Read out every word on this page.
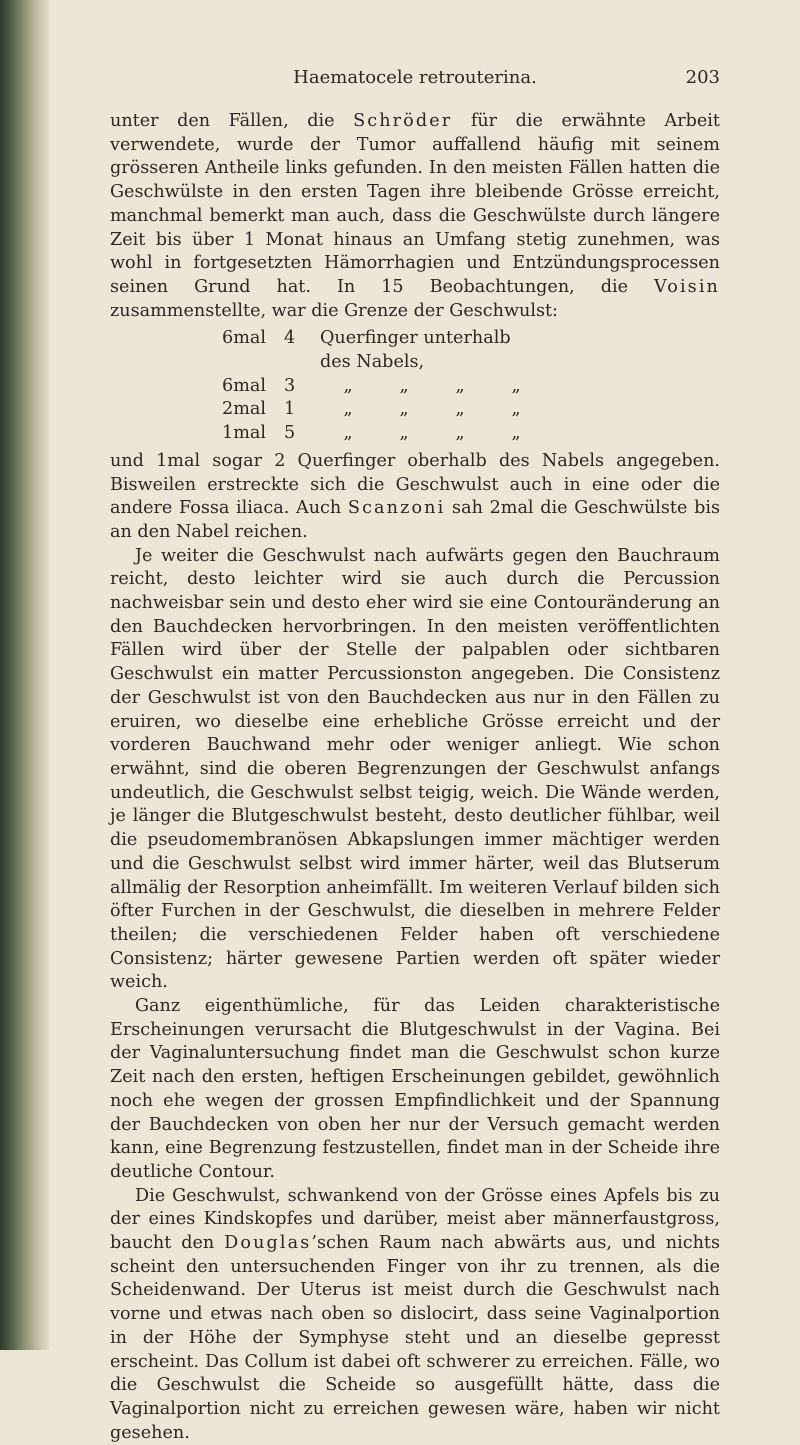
Haematocele retrouterina.	203

unter den Fällen, die Schröder für die erwähnte Arbeit verwendete, wurde der Tumor auffallend häufig mit seinem grösseren Antheile links gefunden. In den meisten Fällen hatten die Geschwülste in den ersten Tagen ihre bleibende Grösse erreicht, manchmal bemerkt man auch, dass die Geschwülste durch längere Zeit bis über 1 Monat hinaus an Umfang stetig zunehmen, was wohl in fortgesetzten Hämorrhagien und Entzündungsprocessen seinen Grund hat. In 15 Beobachtungen, die Voisin zusammenstellte, war die Grenze der Geschwulst:

6mal	4	Querfinger unterhalb des Nabels,			
6mal	3	„	„	„	„
2mal	1	„	„	„	„
1mal	5	„	„	„	„

und 1mal sogar 2 Querfinger oberhalb des Nabels angegeben. Bisweilen erstreckte sich die Geschwulst auch in eine oder die andere Fossa iliaca. Auch Scanzoni sah 2mal die Geschwülste bis an den Nabel reichen.

Je weiter die Geschwulst nach aufwärts gegen den Bauchraum reicht, desto leichter wird sie auch durch die Percussion nachweisbar sein und desto eher wird sie eine Contouränderung an den Bauchdecken hervorbringen. In den meisten veröffentlichten Fällen wird über der Stelle der palpablen oder sichtbaren Geschwulst ein matter Percussionston angegeben. Die Consistenz der Geschwulst ist von den Bauchdecken aus nur in den Fällen zu eruiren, wo dieselbe eine erhebliche Grösse erreicht und der vorderen Bauchwand mehr oder weniger anliegt. Wie schon erwähnt, sind die oberen Begrenzungen der Geschwulst anfangs undeutlich, die Geschwulst selbst teigig, weich. Die Wände werden, je länger die Blutgeschwulst besteht, desto deutlicher fühlbar, weil die pseudomembranösen Abkapslungen immer mächtiger werden und die Geschwulst selbst wird immer härter, weil das Blutserum allmälig der Resorption anheimfällt. Im weiteren Verlauf bilden sich öfter Furchen in der Geschwulst, die dieselben in mehrere Felder theilen; die verschiedenen Felder haben oft verschiedene Consistenz; härter gewesene Partien werden oft später wieder weich.

Ganz eigenthümliche, für das Leiden charakteristische Erscheinungen verursacht die Blutgeschwulst in der Vagina. Bei der Vaginaluntersuchung findet man die Geschwulst schon kurze Zeit nach den ersten, heftigen Erscheinungen gebildet, gewöhnlich noch ehe wegen der grossen Empfindlichkeit und der Spannung der Bauchdecken von oben her nur der Versuch gemacht werden kann, eine Begrenzung festzustellen, findet man in der Scheide ihre deutliche Contour.

Die Geschwulst, schwankend von der Grösse eines Apfels bis zu der eines Kindskopfes und darüber, meist aber männerfaustgross, baucht den Douglas’schen Raum nach abwärts aus, und nichts scheint den untersuchenden Finger von ihr zu trennen, als die Scheidenwand. Der Uterus ist meist durch die Geschwulst nach vorne und etwas nach oben so dislocirt, dass seine Vaginalportion in der Höhe der Symphyse steht und an dieselbe gepresst erscheint. Das Collum ist dabei oft schwerer zu erreichen. Fälle, wo die Geschwulst die Scheide so ausgefüllt hätte, dass die Vaginalportion nicht zu erreichen gewesen wäre, haben wir nicht gesehen.
